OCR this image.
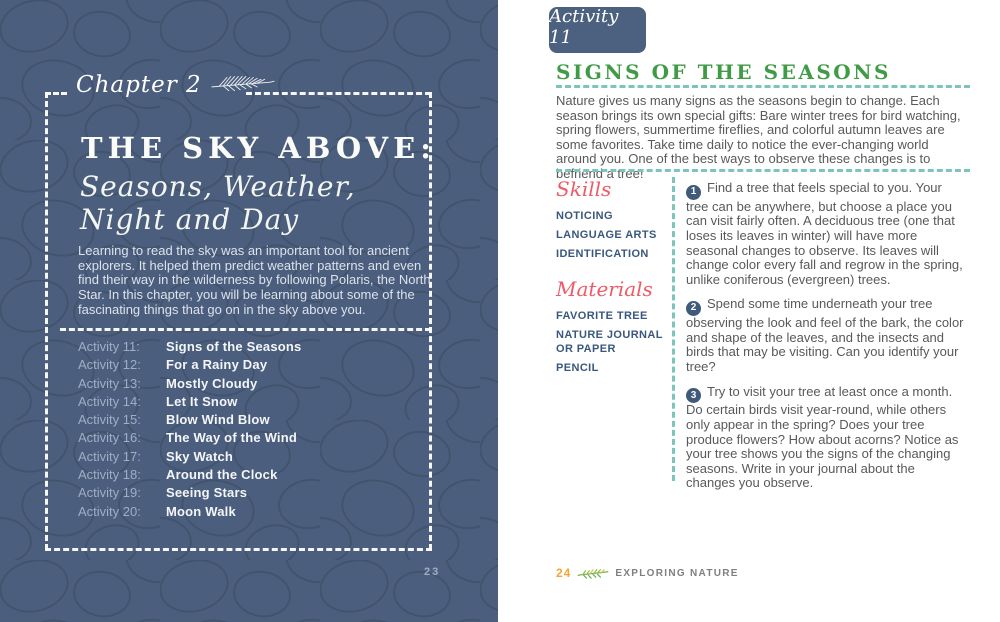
Chapter 2
THE SKY ABOVE:
Seasons, Weather,
Night and Day

Learning to read the sky was an important tool for ancient explorers. It helped them predict weather patterns and even find their way in the wilderness by following Polaris, the North Star. In this chapter, you will be learning about some of the fascinating things that go on in the sky above you.

Activity 11: Signs of the Seasons
Activity 12: For a Rainy Day
Activity 13: Mostly Cloudy
Activity 14: Let It Snow
Activity 15: Blow Wind Blow
Activity 16: The Way of the Wind
Activity 17: Sky Watch
Activity 18: Around the Clock
Activity 19: Seeing Stars
Activity 20: Moon Walk
23
Activity 11
SIGNS OF THE SEASONS

Nature gives us many signs as the seasons begin to change. Each season brings its own special gifts: Bare winter trees for bird watching, spring flowers, summertime fireflies, and colorful autumn leaves are some favorites. Take time daily to notice the ever-changing world around you. One of the best ways to observe these changes is to befriend a tree!

Skills
NOTICING
LANGUAGE ARTS
IDENTIFICATION
Materials
FAVORITE TREE
NATURE JOURNAL OR PAPER
PENCIL

1 Find a tree that feels special to you. Your tree can be anywhere, but choose a place you can visit fairly often. A deciduous tree (one that loses its leaves in winter) will have more seasonal changes to observe. Its leaves will change color every fall and regrow in the spring, unlike coniferous (evergreen) trees.

2 Spend some time underneath your tree observing the look and feel of the bark, the color and shape of the leaves, and the insects and birds that may be visiting. Can you identify your tree?

3 Try to visit your tree at least once a month. Do certain birds visit year-round, while others only appear in the spring? Does your tree produce flowers? How about acorns? Notice as your tree shows you the signs of the changing seasons. Write in your journal about the changes you observe.

24	EXPLORING NATURE
